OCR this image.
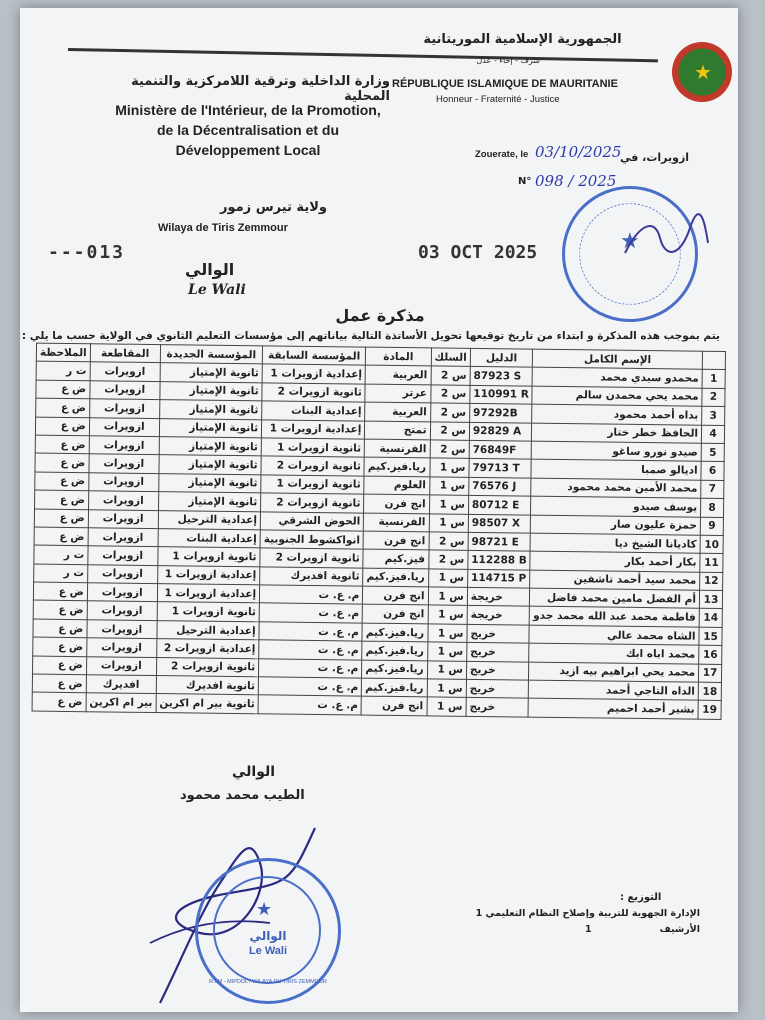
★
الجمهورية الإسلامية الموريتانية
شرف - إخاء - عدل
RÉPUBLIQUE ISLAMIQUE DE MAURITANIE
Honneur - Fraternité - Justice
وزارة الداخلية وترقية اللامركزية والتنمية المحلية
Ministère de l'Intérieur, de la Promotion,
de la Décentralisation et du
Développement Local	Zouerate, le 03/10/2025
ازويرات، في
N° 098 / 2025
ولاية تيرس زمور
Wilaya de Tiris Zemmour
---013	03 OCT 2025
الوالي
Le Wali
★
مذكرة عمل
يتم بموجب هذه المذكرة و ابتداء من تاريخ توقيعها تحويل الأساتذة التالية بياناتهم إلى مؤسسات التعليم الثانوي في الولاية حسب ما يلي :
	الإسم الكامل	الدليل	السلك	المادة	المؤسسة السابقة	المؤسسة الجديدة	المقاطعة	الملاحظة
1	محمدو سيدي محمد	87923 S	س 2	العربية	إعدادية ازويرات 1	ثانوية الإمتياز	ازويرات	ت ر
2	محمد يحي محمدن سالم	110991 R	س 2	عرتر	ثانوية ازويرات 2	ثانوية الإمتياز	ازويرات	ض ع
3	بداه أحمد محمود	97292B	س 2	العربية	إعدادية البنات	ثانوية الإمتياز	ازويرات	ض ع
4	الحافظ خطر ختار	92829 A	س 2	تمتج	إعدادية ازويرات 1	ثانوية الإمتياز	ازويرات	ض ع
5	صيدو نورو ساغو	76849F	س 2	الفرنسية	ثانوية ازويرات 1	ثانوية الإمتياز	ازويرات	ض ع
6	اديالو صمبا	79713 T	س 1	ريا.فيز.كيم	ثانوية ازويرات 2	ثانوية الإمتياز	ازويرات	ض ع
7	محمد الأمين محمد محمود	76576 J	س 1	العلوم	ثانوية ازويرات 1	ثانوية الإمتياز	ازويرات	ض ع
8	يوسف صيدو	80712 E	س 1	انج فرن	ثانوية ازويرات 2	ثانوية الإمتياز	ازويرات	ض ع
9	حمزة عليون صار	98507 X	س 1	الفرنسية	الحوض الشرقي	إعدادية الترحيل	ازويرات	ض ع
10	كاديانا الشيخ ديا	98721 E	س 2	انج فرن	انواكشوط الجنوبية	إعدادية البنات	ازويرات	ض ع
11	بكار أحمد بكار	112288 B	س 2	فيز.كيم	ثانوية ازويرات 2	ثانوية ازويرات 1	ازويرات	ت ر
12	محمد سيد أحمد تاشفين	114715 P	س 1	ريا.فيز.كيم	ثانوية افديرك	إعدادية ازويرات 1	ازويرات	ت ر
13	أم الفضل مامين محمد فاضل	خريجة	س 1	انج فرن	م. ع. ت	إعدادية ازويرات 1	ازويرات	ض ع
14	فاطمة محمد عبد الله محمد جدو	خريجة	س 1	انج فرن	م. ع. ت	ثانوية ازويرات 1	ازويرات	ض ع
15	الشاه محمد عالي	خريج	س 1	ريا.فيز.كيم	م. ع. ت	إعدادية الترحيل	ازويرات	ض ع
16	محمد اباه ابك	خريج	س 1	ريا.فيز.كيم	م. ع. ت	إعدادية ازويرات 2	ازويرات	ض ع
17	محمد يحي ابراهيم بيه ازيد	خريج	س 1	ريا.فيز.كيم	م. ع. ت	ثانوية ازويرات 2	ازويرات	ض ع
18	الداه التاجي أحمد	خريج	س 1	ريا.فيز.كيم	م. ع. ت	ثانوية افديرك	افديرك	ض ع
19	بشير أحمد احميم	خريج	س 1	انج فرن	م. ع. ت	ثانوية بير ام اكرين	بير ام اكرين	ض ع
الوالي
الطيب محمد محمود
★
الوالي
Le Wali
R.I.M - MIPDDL / WILAYA DU TIRIS ZEMMOUR
التوزيع :
الإدارة الجهوية للتربية وإصلاح النظام التعليمي 1
الأرشيف
1
